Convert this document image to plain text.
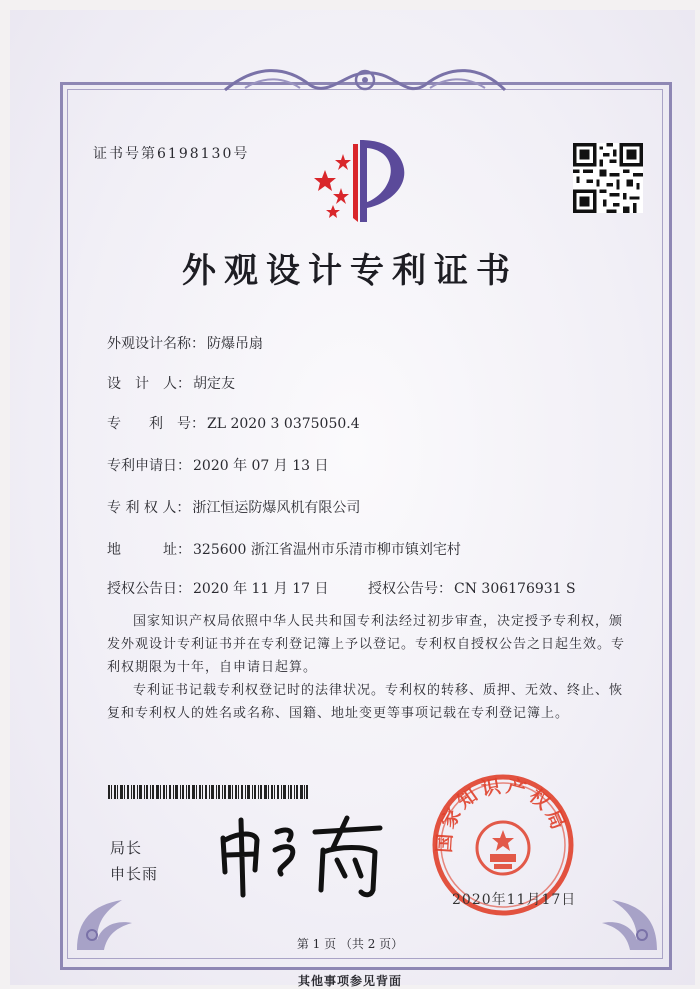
证书号第6198130号
外观设计专利证书
外观设计名称： 防爆吊扇
设　计　人： 胡定友
专　　利　号： ZL 2020 3 0375050.4
专利申请日： 2020 年 07 月 13 日
专 利 权 人： 浙江恒运防爆风机有限公司
地　　　址： 325600 浙江省温州市乐清市柳市镇刘宅村
授权公告日： 2020 年 11 月 17 日	授权公告号： CN 306176931 S
国家知识产权局依照中华人民共和国专利法经过初步审查，决定授予专利权，颁发外观设计专利证书并在专利登记簿上予以登记。专利权自授权公告之日起生效。专利权期限为十年，自申请日起算。
专利证书记载专利权登记时的法律状况。专利权的转移、质押、无效、终止、恢复和专利权人的姓名或名称、国籍、地址变更等事项记载在专利登记簿上。
局长
申长雨
国家知识产权局
2020年11月17日
第 1 页 （共 2 页）
其他事项参见背面
